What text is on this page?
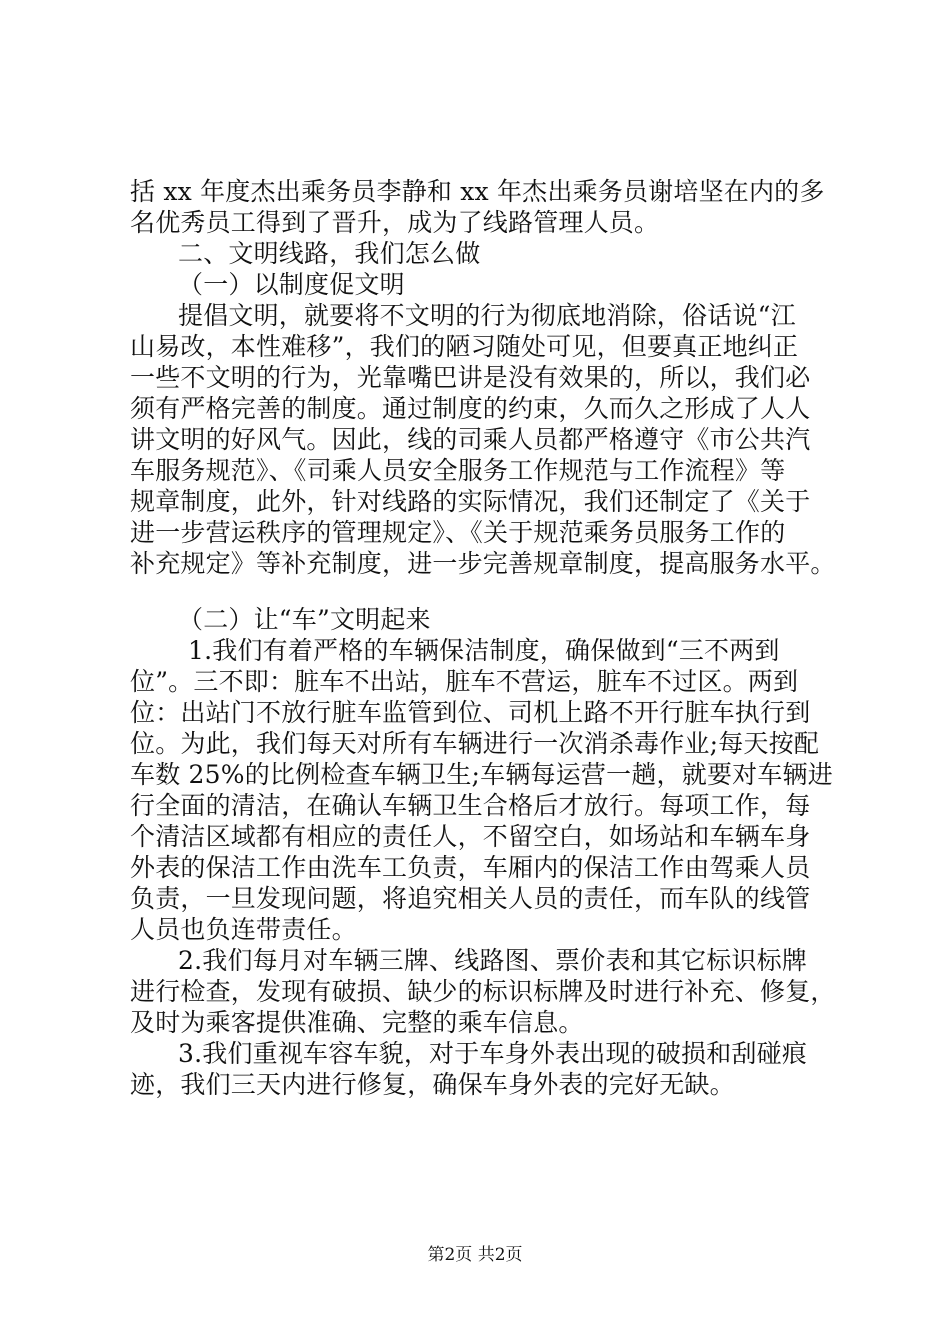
括 xx 年度杰出乘务员李静和 xx 年杰出乘务员谢培坚在内的多
名优秀员工得到了晋升，成为了线路管理人员。
二、文明线路，我们怎么做
（一）以制度促文明
提倡文明，就要将不文明的行为彻底地消除，俗话说“江
山易改，本性难移”，我们的陋习随处可见，但要真正地纠正
一些不文明的行为，光靠嘴巴讲是没有效果的，所以，我们必
须有严格完善的制度。通过制度的约束，久而久之形成了人人
讲文明的好风气。因此，线的司乘人员都严格遵守《市公共汽
车服务规范》、《司乘人员安全服务工作规范与工作流程》等
规章制度，此外，针对线路的实际情况，我们还制定了《关于
进一步营运秩序的管理规定》、《关于规范乘务员服务工作的
补充规定》等补充制度，进一步完善规章制度，提高服务水平。
（二）让“车”文明起来
1.我们有着严格的车辆保洁制度，确保做到“三不两到
位”。三不即：脏车不出站，脏车不营运，脏车不过区。两到
位：出站门不放行脏车监管到位、司机上路不开行脏车执行到
位。为此，我们每天对所有车辆进行一次消杀毒作业;每天按配
车数 25%的比例检查车辆卫生;车辆每运营一趟，就要对车辆进
行全面的清洁，在确认车辆卫生合格后才放行。每项工作，每
个清洁区域都有相应的责任人，不留空白，如场站和车辆车身
外表的保洁工作由洗车工负责，车厢内的保洁工作由驾乘人员
负责，一旦发现问题，将追究相关人员的责任，而车队的线管
人员也负连带责任。
2.我们每月对车辆三牌、线路图、票价表和其它标识标牌
进行检查，发现有破损、缺少的标识标牌及时进行补充、修复，
及时为乘客提供准确、完整的乘车信息。
3.我们重视车容车貌，对于车身外表出现的破损和刮碰痕
迹，我们三天内进行修复，确保车身外表的完好无缺。
第2页 共2页
